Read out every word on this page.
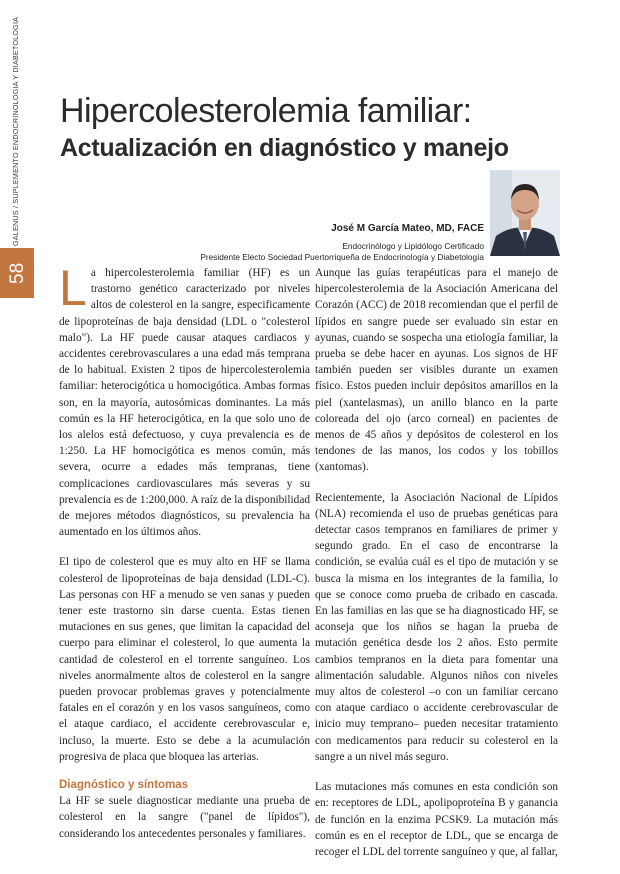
GALENUS / SUPLEMENTO ENDOCRINOLOGIA Y DIABETOLOGIA
58
Hipercolesterolemia familiar:
Actualización en diagnóstico y manejo
José M García Mateo, MD, FACE
Endocrinólogo y Lipidólogo Certificado
Presidente Electo Sociedad Puertorriqueña de Endocrinología y Diabetología

La hipercolesterolemia familiar (HF) es un trastorno genético caracterizado por niveles altos de colesterol en la sangre, especificamente de lipoproteínas de baja densidad (LDL o "colesterol malo"). La HF puede causar ataques cardiacos y accidentes cerebrovasculares a una edad más temprana de lo habitual. Existen 2 tipos de hipercolesterolemia familiar: heterocigótica u homocigótica. Ambas formas son, en la mayoría, autosómicas dominantes. La más común es la HF heterocigótica, en la que solo uno de los alelos está defectuoso, y cuya prevalencia es de 1:250. La HF homocigótica es menos común, más severa, ocurre a edades más tempranas, tiene complicaciones cardiovasculares más severas y su prevalencia es de 1:200,000. A raíz de la disponibilidad de mejores métodos diagnósticos, su prevalencia ha aumentado en los últimos años.

El tipo de colesterol que es muy alto en HF se llama colesterol de lipoproteínas de baja densidad (LDL-C). Las personas con HF a menudo se ven sanas y pueden tener este trastorno sin darse cuenta. Estas tienen mutaciones en sus genes, que limitan la capacidad del cuerpo para eliminar el colesterol, lo que aumenta la cantidad de colesterol en el torrente sanguíneo. Los niveles anormalmente altos de colesterol en la sangre pueden provocar problemas graves y potencialmente fatales en el corazón y en los vasos sanguíneos, como el ataque cardiaco, el accidente cerebrovascular e, incluso, la muerte. Esto se debe a la acumulación progresiva de placa que bloquea las arterias.

Diagnóstico y síntomas

La HF se suele diagnosticar mediante una prueba de colesterol en la sangre ("panel de lípidos"), considerando los antecedentes personales y familiares.

Aunque las guías terapéuticas para el manejo de hipercolesterolemia de la Asociación Americana del Corazón (ACC) de 2018 recomiendan que el perfil de lípidos en sangre puede ser evaluado sin estar en ayunas, cuando se sospecha una etiología familiar, la prueba se debe hacer en ayunas. Los signos de HF también pueden ser visibles durante un examen físico. Estos pueden incluir depósitos amarillos en la piel (xantelasmas), un anillo blanco en la parte coloreada del ojo (arco corneal) en pacientes de menos de 45 años y depósitos de colesterol en los tendones de las manos, los codos y los tobillos (xantomas).

Recientemente, la Asociación Nacional de Lípidos (NLA) recomienda el uso de pruebas genéticas para detectar casos tempranos en familiares de primer y segundo grado. En el caso de encontrarse la condición, se evalúa cuál es el tipo de mutación y se busca la misma en los integrantes de la familia, lo que se conoce como prueba de cribado en cascada. En las familias en las que se ha diagnosticado HF, se aconseja que los niños se hagan la prueba de mutación genética desde los 2 años. Esto permite cambios tempranos en la dieta para fomentar una alimentación saludable. Algunos niños con niveles muy altos de colesterol –o con un familiar cercano con ataque cardiaco o accidente cerebrovascular de inicio muy temprano– pueden necesitar tratamiento con medicamentos para reducir su colesterol en la sangre a un nivel más seguro.

Las mutaciones más comunes en esta condición son en: receptores de LDL, apolipoproteína B y ganancia de función en la enzima PCSK9. La mutación más común es en el receptor de LDL, que se encarga de recoger el LDL del torrente sanguíneo y que, al fallar,
